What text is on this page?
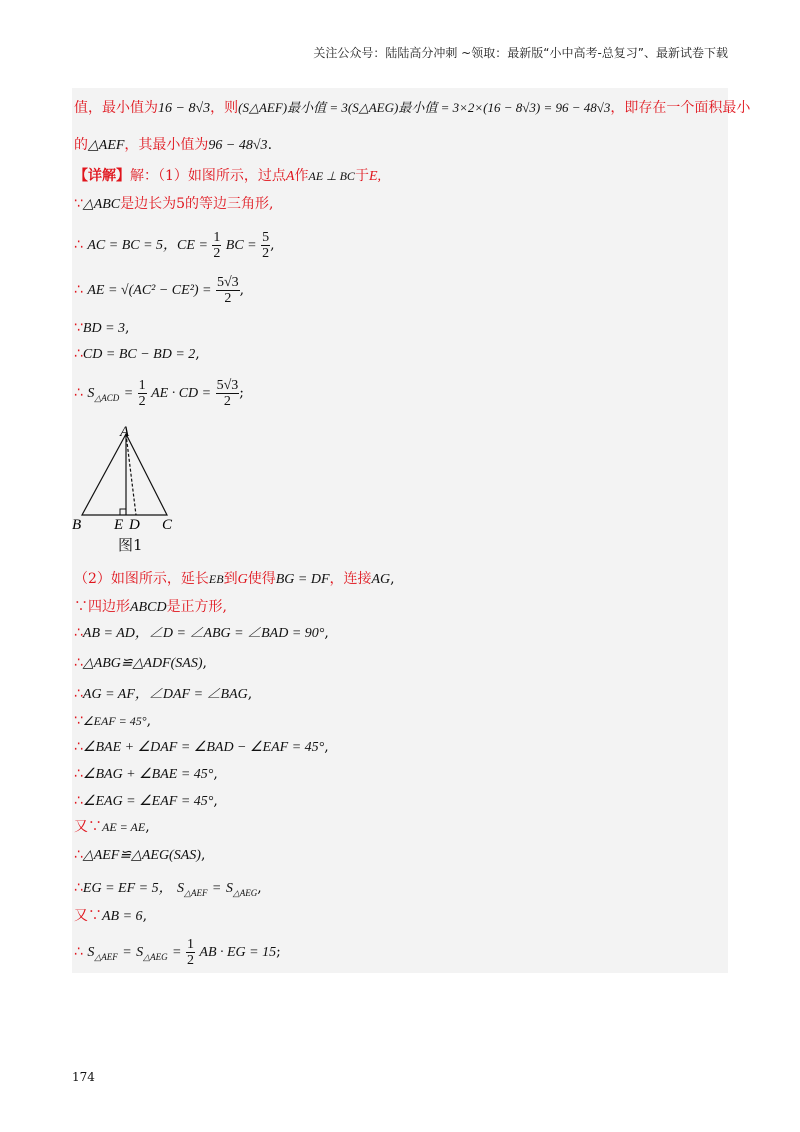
关注公众号：陆陆高分冲刺 ~领取：最新版“小中高考-总复习”、最新试卷下载
值，最小值为16 − 8√3，则(S△AEF)最小值 = 3(S△AEG)最小值 = 3×2×(16 − 8√3) = 96 − 48√3，即存在一个面积最小
的△AEF，其最小值为96 − 48√3.
【详解】解：（1）如图所示，过点A作AE ⊥ BC于E,
∵△ABC是边长为5的等边三角形,
∴ AC = BC = 5，CE = $\frac{1}{2}$ BC = $\frac{5}{2}$ ,
∴ AE = $√(AC^2 - CE^2) = \frac{5√3}{2}$ ,
∵BD = 3,
∴CD = BC − BD = 2,
∴ $S_{\triangle ACD} = \frac{1}{2}$ AE · CD = $\frac{5√3}{2}$ ;
A
B E D C
图1
（2）如图所示，延长EB到G使得BG = DF，连接AG,
∵四边形ABCD是正方形,
∴AB = AD，∠D = ∠ABG = ∠BAD = 90°,
∴△ABG≌△ADF(SAS),
∴AG = AF，∠DAF = ∠BAG,
∵∠EAF = 45°,
∴∠BAE + ∠DAF = ∠BAD − ∠EAF = 45°,
∴∠BAG + ∠BAE = 45°,
∴∠EAG = ∠EAF = 45°,
又∵AE = AE,
∴△AEF≌△AEG(SAS),
∴EG = EF = 5， $S_{\triangle AEF} = S_{\triangle AEG}$,
又∵AB = 6,
∴ $S_{\triangle AEF} = S_{\triangle AEG} = \frac{1}{2}$ AB · EG = 15;
174
